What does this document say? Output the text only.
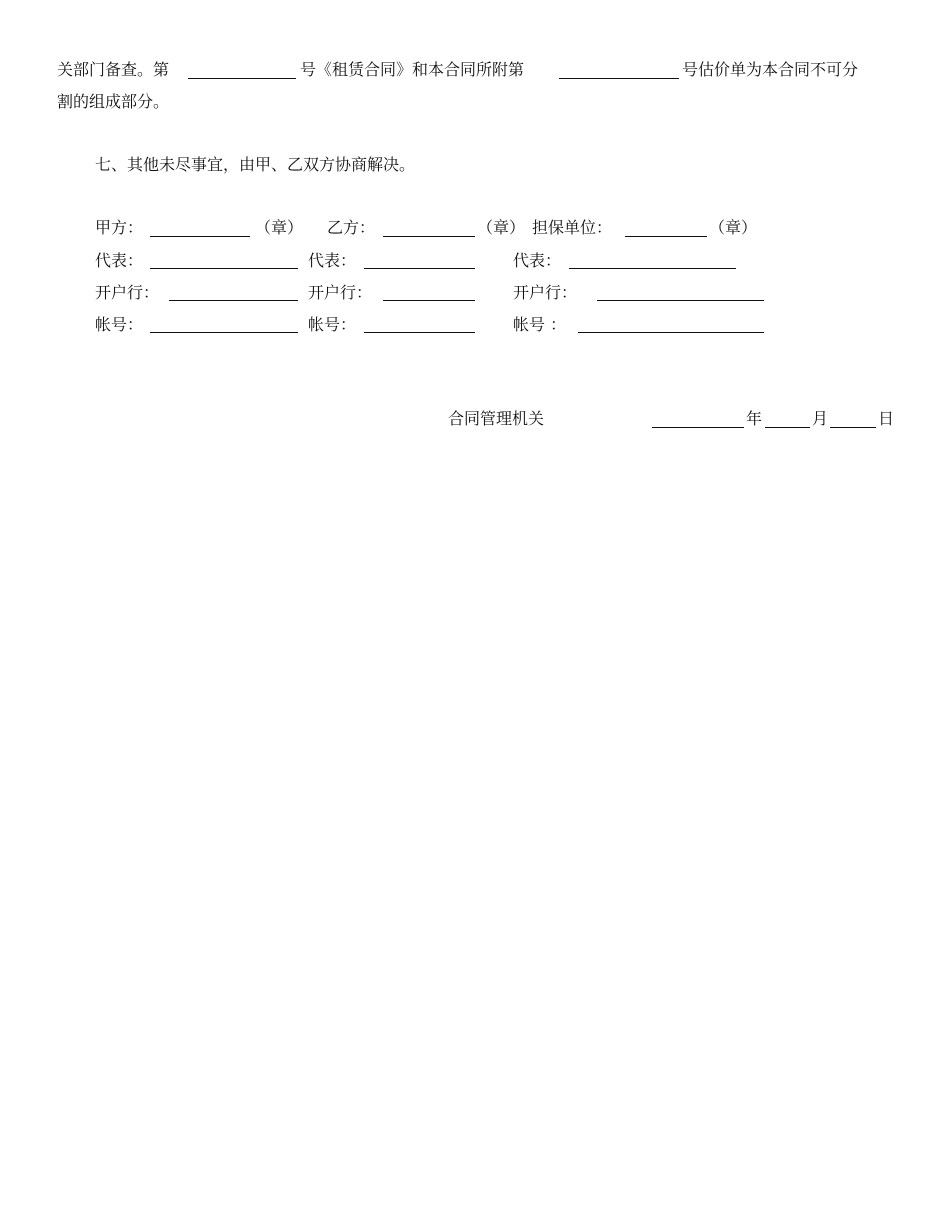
关部门备查。第	号《租赁合同》和本合同所附第	号估价单为本合同不可分
割的组成部分。
七、其他未尽事宜，由甲、乙双方协商解决。
甲方：	（章） 乙方：	（章） 担保单位：	（章）
代表：	代表：	代表：
开户行：	开户行：	开户行：
帐号：	帐号：	帐号 ：
合同管理机关	年	月	日
